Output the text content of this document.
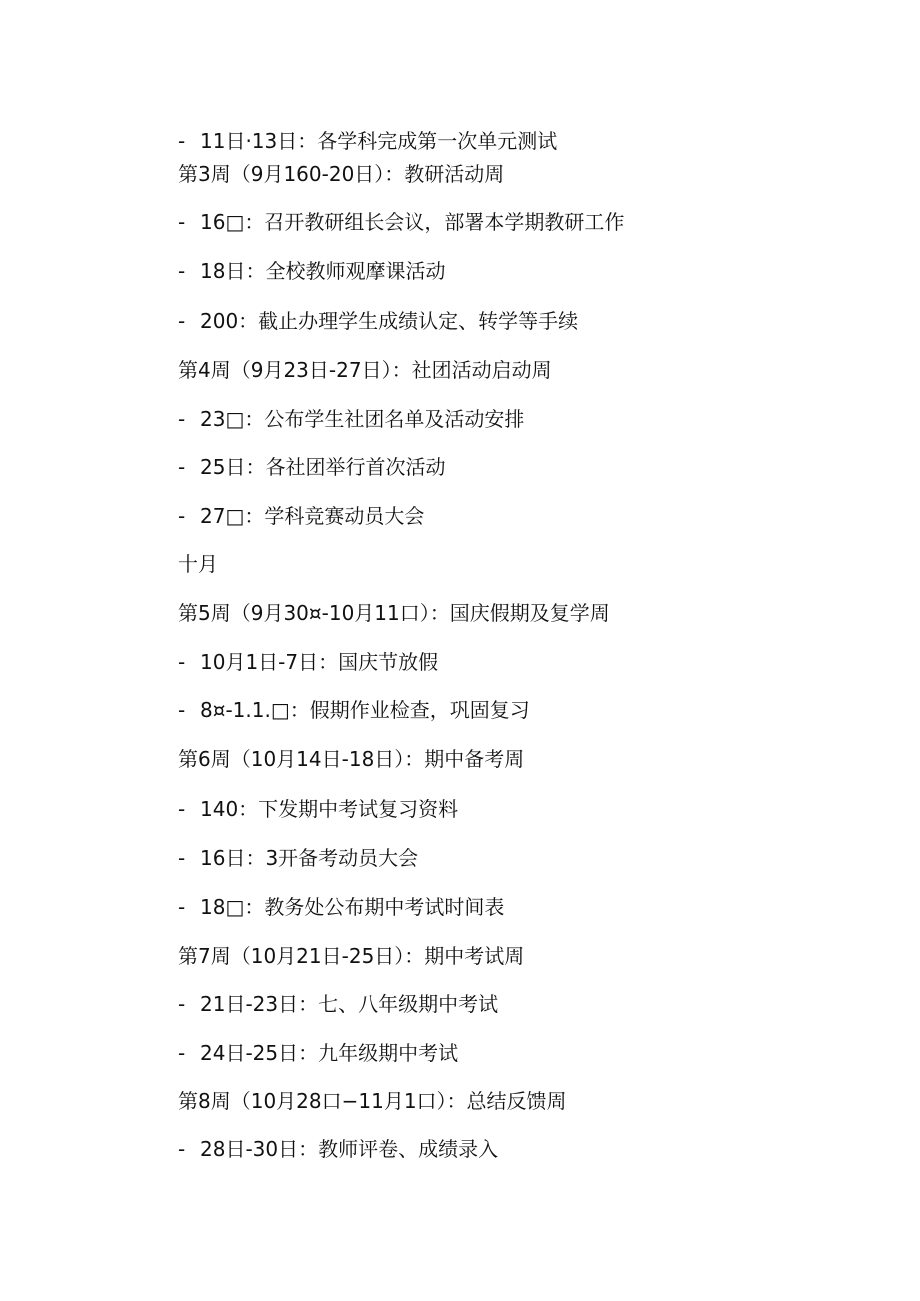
- 11日·13日：各学科完成第一次单元测试
第3周（9月160-20日）：教研活动周
- 16□：召开教研组长会议，部署本学期教研工作
- 18日：全校教师观摩课活动
- 200：截止办理学生成绩认定、转学等手续
第4周（9月23日-27日）：社团活动启动周
- 23□：公布学生社团名单及活动安排
- 25日：各社团举行首次活动
- 27□：学科竞赛动员大会
十月
第5周（9月30¤-10月11口）：国庆假期及复学周
- 10月1日-7日：国庆节放假
- 8¤-1.1.□：假期作业检查，巩固复习
第6周（10月14日-18日）：期中备考周
- 140：下发期中考试复习资料
- 16日：3开备考动员大会
- 18□：教务处公布期中考试时间表
第7周（10月21日-25日）：期中考试周
- 21日-23日：七、八年级期中考试
- 24日-25日：九年级期中考试
第8周（10月28口−11月1口）：总结反馈周
- 28日-30日：教师评卷、成绩录入
